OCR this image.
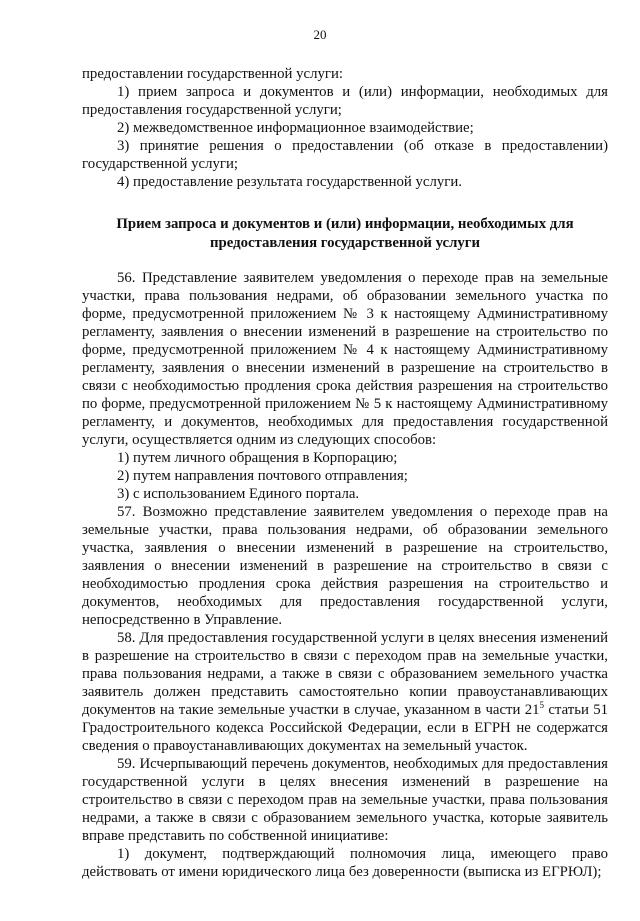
20

предоставлении государственной услуги:

1) прием запроса и документов и (или) информации, необходимых для предоставления государственной услуги;

2) межведомственное информационное взаимодействие;

3) принятие решения о предоставлении (об отказе в предоставлении) государственной услуги;

4) предоставление результата государственной услуги.

Прием запроса и документов и (или) информации, необходимых для предоставления государственной услуги

56. Представление заявителем уведомления о переходе прав на земельные участки, права пользования недрами, об образовании земельного участка по форме, предусмотренной приложением № 3 к настоящему Административному регламенту, заявления о внесении изменений в разрешение на строительство по форме, предусмотренной приложением № 4 к настоящему Административному регламенту, заявления о внесении изменений в разрешение на строительство в связи с необходимостью продления срока действия разрешения на строительство по форме, предусмотренной приложением № 5 к настоящему Административному регламенту, и документов, необходимых для предоставления государственной услуги, осуществляется одним из следующих способов:

1) путем личного обращения в Корпорацию;

2) путем направления почтового отправления;

3) с использованием Единого портала.

57. Возможно представление заявителем уведомления о переходе прав на земельные участки, права пользования недрами, об образовании земельного участка, заявления о внесении изменений в разрешение на строительство, заявления о внесении изменений в разрешение на строительство в связи с необходимостью продления срока действия разрешения на строительство и документов, необходимых для предоставления государственной услуги, непосредственно в Управление.

58. Для предоставления государственной услуги в целях внесения изменений в разрешение на строительство в связи с переходом прав на земельные участки, права пользования недрами, а также в связи с образованием земельного участка заявитель должен представить самостоятельно копии правоустанавливающих документов на такие земельные участки в случае, указанном в части $21^5$ статьи 51 Градостроительного кодекса Российской Федерации, если в ЕГРН не содержатся сведения о правоустанавливающих документах на земельный участок.

59. Исчерпывающий перечень документов, необходимых для предоставления государственной услуги в целях внесения изменений в разрешение на строительство в связи с переходом прав на земельные участки, права пользования недрами, а также в связи с образованием земельного участка, которые заявитель вправе представить по собственной инициативе:

1) документ, подтверждающий полномочия лица, имеющего право действовать от имени юридического лица без доверенности (выписка из ЕГРЮЛ);
